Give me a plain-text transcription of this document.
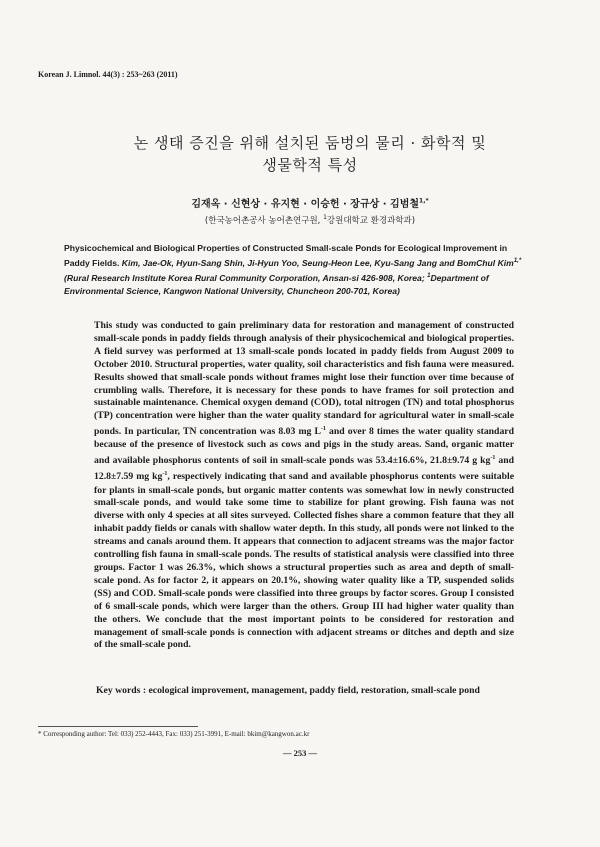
Korean J. Limnol. 44(3) : 253~263 (2011)
논 생태 증진을 위해 설치된 둠벙의 물리 · 화학적 및
생물학적 특성
김재옥 · 신현상 · 유지현 · 이승헌 · 장규상 · 김범철$^{1,*}$
(한국농어촌공사 농어촌연구원, $^1$강원대학교 환경과학과)
Physicochemical and Biological Properties of Constructed Small-scale Ponds for Ecological Improvement in Paddy Fields. Kim, Jae-Ok, Hyun-Sang Shin, Ji-Hyun Yoo, Seung-Heon Lee, Kyu-Sang Jang and BomChul Kim$^{1,*}$ (Rural Research Institute Korea Rural Community Corporation, Ansan-si 426-908, Korea; $^1$Department of Environmental Science, Kangwon National University, Chuncheon 200-701, Korea)

This study was conducted to gain preliminary data for restoration and management of constructed small-scale ponds in paddy fields through analysis of their physicochemical and biological properties. A field survey was performed at 13 small-scale ponds located in paddy fields from August 2009 to October 2010. Structural properties, water quality, soil characteristics and fish fauna were measured. Results showed that small-scale ponds without frames might lose their function over time because of crumbling walls. Therefore, it is necessary for these ponds to have frames for soil protection and sustainable maintenance. Chemical oxygen demand (COD), total nitrogen (TN) and total phosphorus (TP) concentration were higher than the water quality standard for agricultural water in small-scale ponds. In particular, TN concentration was 8.03 mg $L^{-1}$ and over 8 times the water quality standard because of the presence of livestock such as cows and pigs in the study areas. Sand, organic matter and available phosphorus contents of soil in small-scale ponds was 53.4±16.6%, 21.8±9.74 g $kg^{-1}$ and 12.8±7.59 mg $kg^{-1}$, respectively indicating that sand and available phosphorus contents were suitable for plants in small-scale ponds, but organic matter contents was somewhat low in newly constructed small-scale ponds, and would take some time to stabilize for plant growing. Fish fauna was not diverse with only 4 species at all sites surveyed. Collected fishes share a common feature that they all inhabit paddy fields or canals with shallow water depth. In this study, all ponds were not linked to the streams and canals around them. It appears that connection to adjacent streams was the major factor controlling fish fauna in small-scale ponds. The results of statistical analysis were classified into three groups. Factor 1 was 26.3%, which shows a structural properties such as area and depth of small-scale pond. As for factor 2, it appears on 20.1%, showing water quality like a TP, suspended solids (SS) and COD. Small-scale ponds were classified into three groups by factor scores. Group I consisted of 6 small-scale ponds, which were larger than the others. Group III had higher water quality than the others. We conclude that the most important points to be considered for restoration and management of small-scale ponds is connection with adjacent streams or ditches and depth and size of the small-scale pond.

Key words : ecological improvement, management, paddy field, restoration, small-scale pond
* Corresponding author: Tel: 033) 252-4443, Fax: 033) 251-3991, E-mail: bkim@kangwon.ac.kr
— 253 —
